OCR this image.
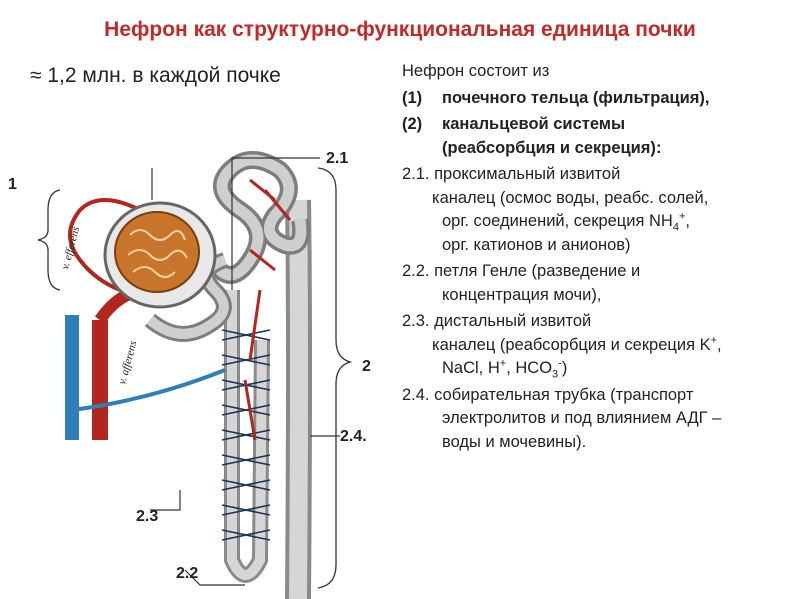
Нефрон как структурно-функциональная единица почки
≈ 1,2 млн. в каждой почке	Нефрон состоит из

(1) почечного тельца (фильтрация),

(2) канальцевой системы
(реабсорбция и секреция):

2.1. проксимальный извитой
каналец (осмос воды, реабс. солей,
орг. соединений, секреция $NH_4^+$,
орг. катионов и анионов)

2.2. петля Генле (разведение и
концентрация мочи),

2.3. дистальный извитой
каналец (реабсорбция и секреция K+,
NaCl, H+, $HCO_3^-$)

2.4. собирательная трубка (транспорт
электролитов и под влиянием АДГ –
воды и мочевины).

v. efferens
v. afferens
1
2
2.1
2.4.
2.3
2.2
